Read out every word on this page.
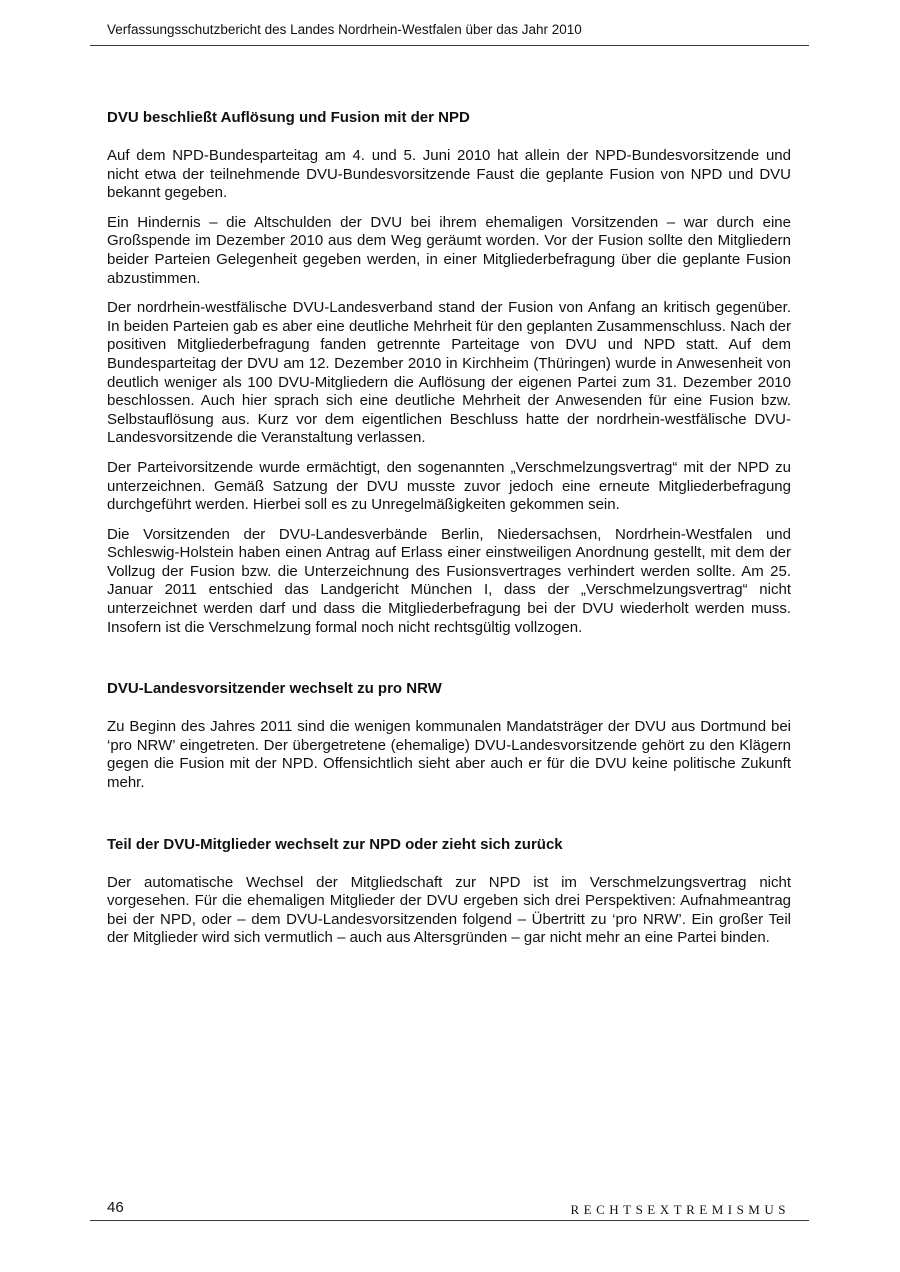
Verfassungsschutzbericht des Landes Nordrhein-Westfalen über das Jahr 2010
DVU beschließt Auflösung und Fusion mit der NPD

Auf dem NPD-Bundesparteitag am 4. und 5. Juni 2010 hat allein der NPD-Bundesvorsitzende und nicht etwa der teilnehmende DVU-Bundesvorsitzende Faust die geplante Fusion von NPD und DVU bekannt gegeben.

Ein Hindernis – die Altschulden der DVU bei ihrem ehemaligen Vorsitzenden – war durch eine Großspende im Dezember 2010 aus dem Weg geräumt worden. Vor der Fusion sollte den Mitgliedern beider Parteien Gelegenheit gegeben werden, in einer Mitgliederbefragung über die geplante Fusion abzustimmen.

Der nordrhein-westfälische DVU-Landesverband stand der Fusion von Anfang an kritisch gegenüber. In beiden Parteien gab es aber eine deutliche Mehrheit für den geplanten Zusammenschluss. Nach der positiven Mitgliederbefragung fanden getrennte Parteitage von DVU und NPD statt. Auf dem Bundesparteitag der DVU am 12. Dezember 2010 in Kirchheim (Thüringen) wurde in Anwesenheit von deutlich weniger als 100 DVU-Mitgliedern die Auflösung der eigenen Partei zum 31. Dezember 2010 beschlossen. Auch hier sprach sich eine deutliche Mehrheit der Anwesenden für eine Fusion bzw. Selbstauflösung aus. Kurz vor dem eigentlichen Beschluss hatte der nordrhein-westfälische DVU-Landesvorsitzende die Veranstaltung verlassen.

Der Parteivorsitzende wurde ermächtigt, den sogenannten „Verschmelzungsvertrag“ mit der NPD zu unterzeichnen. Gemäß Satzung der DVU musste zuvor jedoch eine erneute Mitgliederbefragung durchgeführt werden. Hierbei soll es zu Unregelmäßigkeiten gekommen sein.

Die Vorsitzenden der DVU-Landesverbände Berlin, Niedersachsen, Nordrhein-Westfalen und Schleswig-Holstein haben einen Antrag auf Erlass einer einstweiligen Anordnung gestellt, mit dem der Vollzug der Fusion bzw. die Unterzeichnung des Fusionsvertrages verhindert werden sollte. Am 25. Januar 2011 entschied das Landgericht München I, dass der „Verschmelzungsvertrag“ nicht unterzeichnet werden darf und dass die Mitgliederbefragung bei der DVU wiederholt werden muss. Insofern ist die Verschmelzung formal noch nicht rechtsgültig vollzogen.

DVU-Landesvorsitzender wechselt zu pro NRW

Zu Beginn des Jahres 2011 sind die wenigen kommunalen Mandatsträger der DVU aus Dortmund bei ‘pro NRW’ eingetreten. Der übergetretene (ehemalige) DVU-Landesvorsitzende gehört zu den Klägern gegen die Fusion mit der NPD. Offensichtlich sieht aber auch er für die DVU keine politische Zukunft mehr.

Teil der DVU-Mitglieder wechselt zur NPD oder zieht sich zurück

Der automatische Wechsel der Mitgliedschaft zur NPD ist im Verschmelzungsvertrag nicht vorgesehen. Für die ehemaligen Mitglieder der DVU ergeben sich drei Perspektiven: Aufnahmeantrag bei der NPD, oder – dem DVU-Landesvorsitzenden folgend – Übertritt zu ‘pro NRW’. Ein großer Teil der Mitglieder wird sich vermutlich – auch aus Altersgründen – gar nicht mehr an eine Partei binden.

46	RECHTSEXTREMISMUS
